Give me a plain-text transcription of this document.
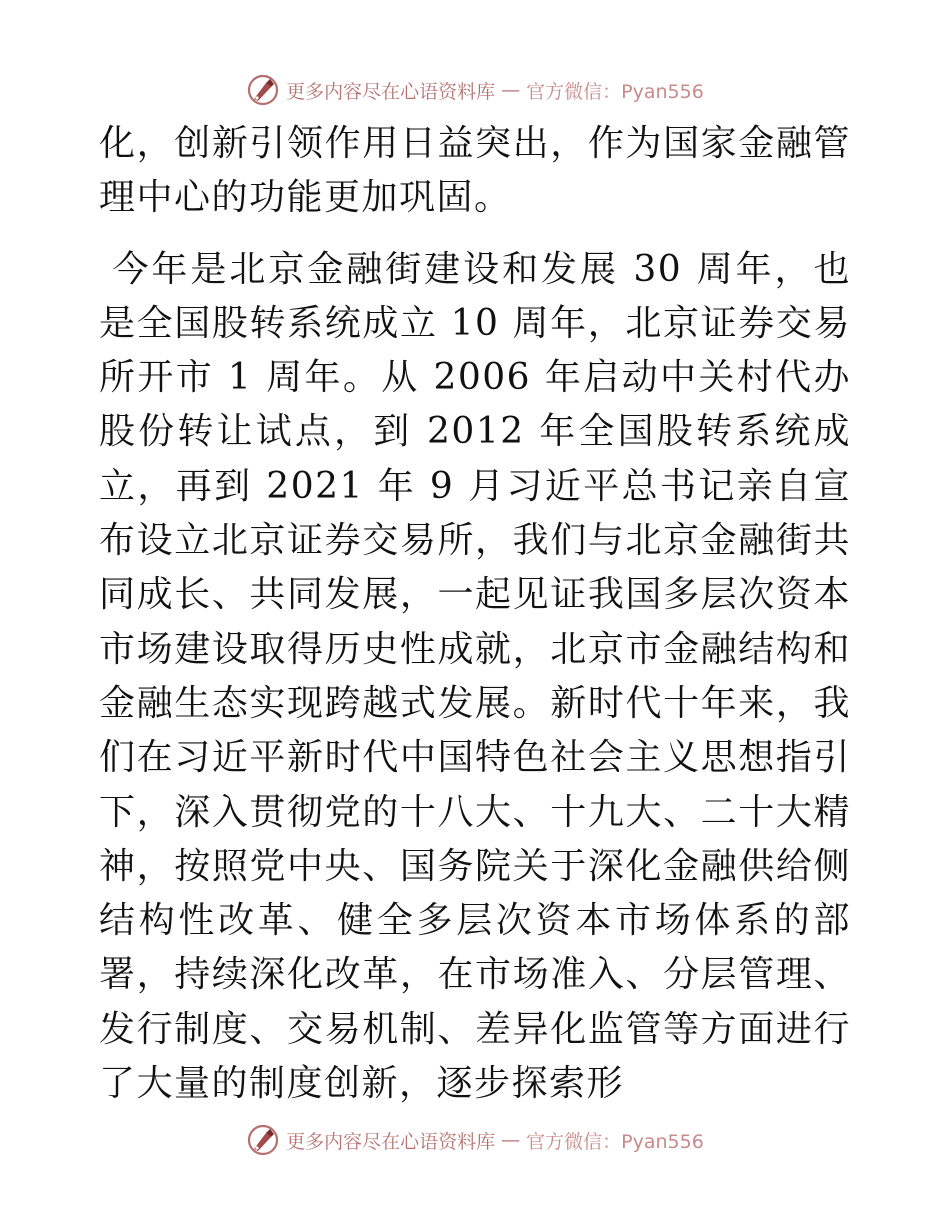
更多内容尽在心语资料库 — 官方微信：Pyan556

化，创新引领作用日益突出，作为国家金融管理中心的功能更加巩固。

今年是北京金融街建设和发展 30 周年，也是全国股转系统成立 10 周年，北京证券交易所开市 1 周年。从 2006 年启动中关村代办股份转让试点，到 2012 年全国股转系统成立，再到 2021 年 9 月习近平总书记亲自宣布设立北京证券交易所，我们与北京金融街共同成长、共同发展，一起见证我国多层次资本市场建设取得历史性成就，北京市金融结构和金融生态实现跨越式发展。新时代十年来，我们在习近平新时代中国特色社会主义思想指引下，深入贯彻党的十八大、十九大、二十大精神，按照党中央、国务院关于深化金融供给侧结构性改革、健全多层次资本市场体系的部署，持续深化改革，在市场准入、分层管理、发行制度、交易机制、差异化监管等方面进行了大量的制度创新，逐步探索形

更多内容尽在心语资料库 — 官方微信：Pyan556
